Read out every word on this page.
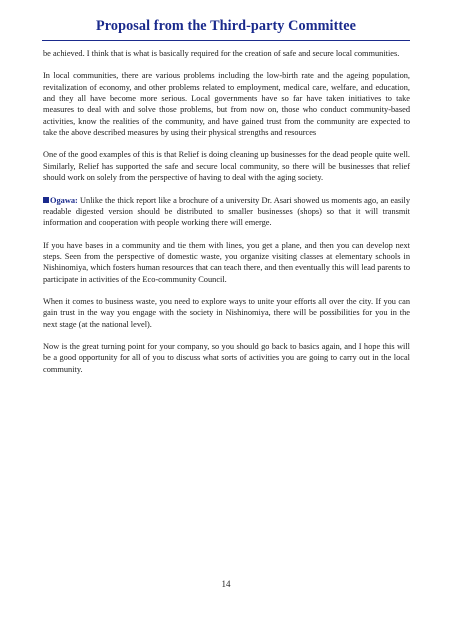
Proposal from the Third-party Committee

be achieved. I think that is what is basically required for the creation of safe and secure local communities.

In local communities, there are various problems including the low-birth rate and the ageing population, revitalization of economy, and other problems related to employment, medical care, welfare, and education, and they all have become more serious. Local governments have so far have taken initiatives to take measures to deal with and solve those problems, but from now on, those who conduct community-based activities, know the realities of the community, and have gained trust from the community are expected to take the above described measures by using their physical strengths and resources

One of the good examples of this is that Relief is doing cleaning up businesses for the dead people quite well. Similarly, Relief has supported the safe and secure local community, so there will be businesses that relief should work on solely from the perspective of having to deal with the aging society.

Ogawa: Unlike the thick report like a brochure of a university Dr. Asari showed us moments ago, an easily readable digested version should be distributed to smaller businesses (shops) so that it will transmit information and cooperation with people working there will emerge.

If you have bases in a community and tie them with lines, you get a plane, and then you can develop next steps. Seen from the perspective of domestic waste, you organize visiting classes at elementary schools in Nishinomiya, which fosters human resources that can teach there, and then eventually this will lead parents to participate in activities of the Eco-community Council.

When it comes to business waste, you need to explore ways to unite your efforts all over the city. If you can gain trust in the way you engage with the society in Nishinomiya, there will be possibilities for you in the next stage (at the national level).

Now is the great turning point for your company, so you should go back to basics again, and I hope this will be a good opportunity for all of you to discuss what sorts of activities you are going to carry out in the local community.

14
